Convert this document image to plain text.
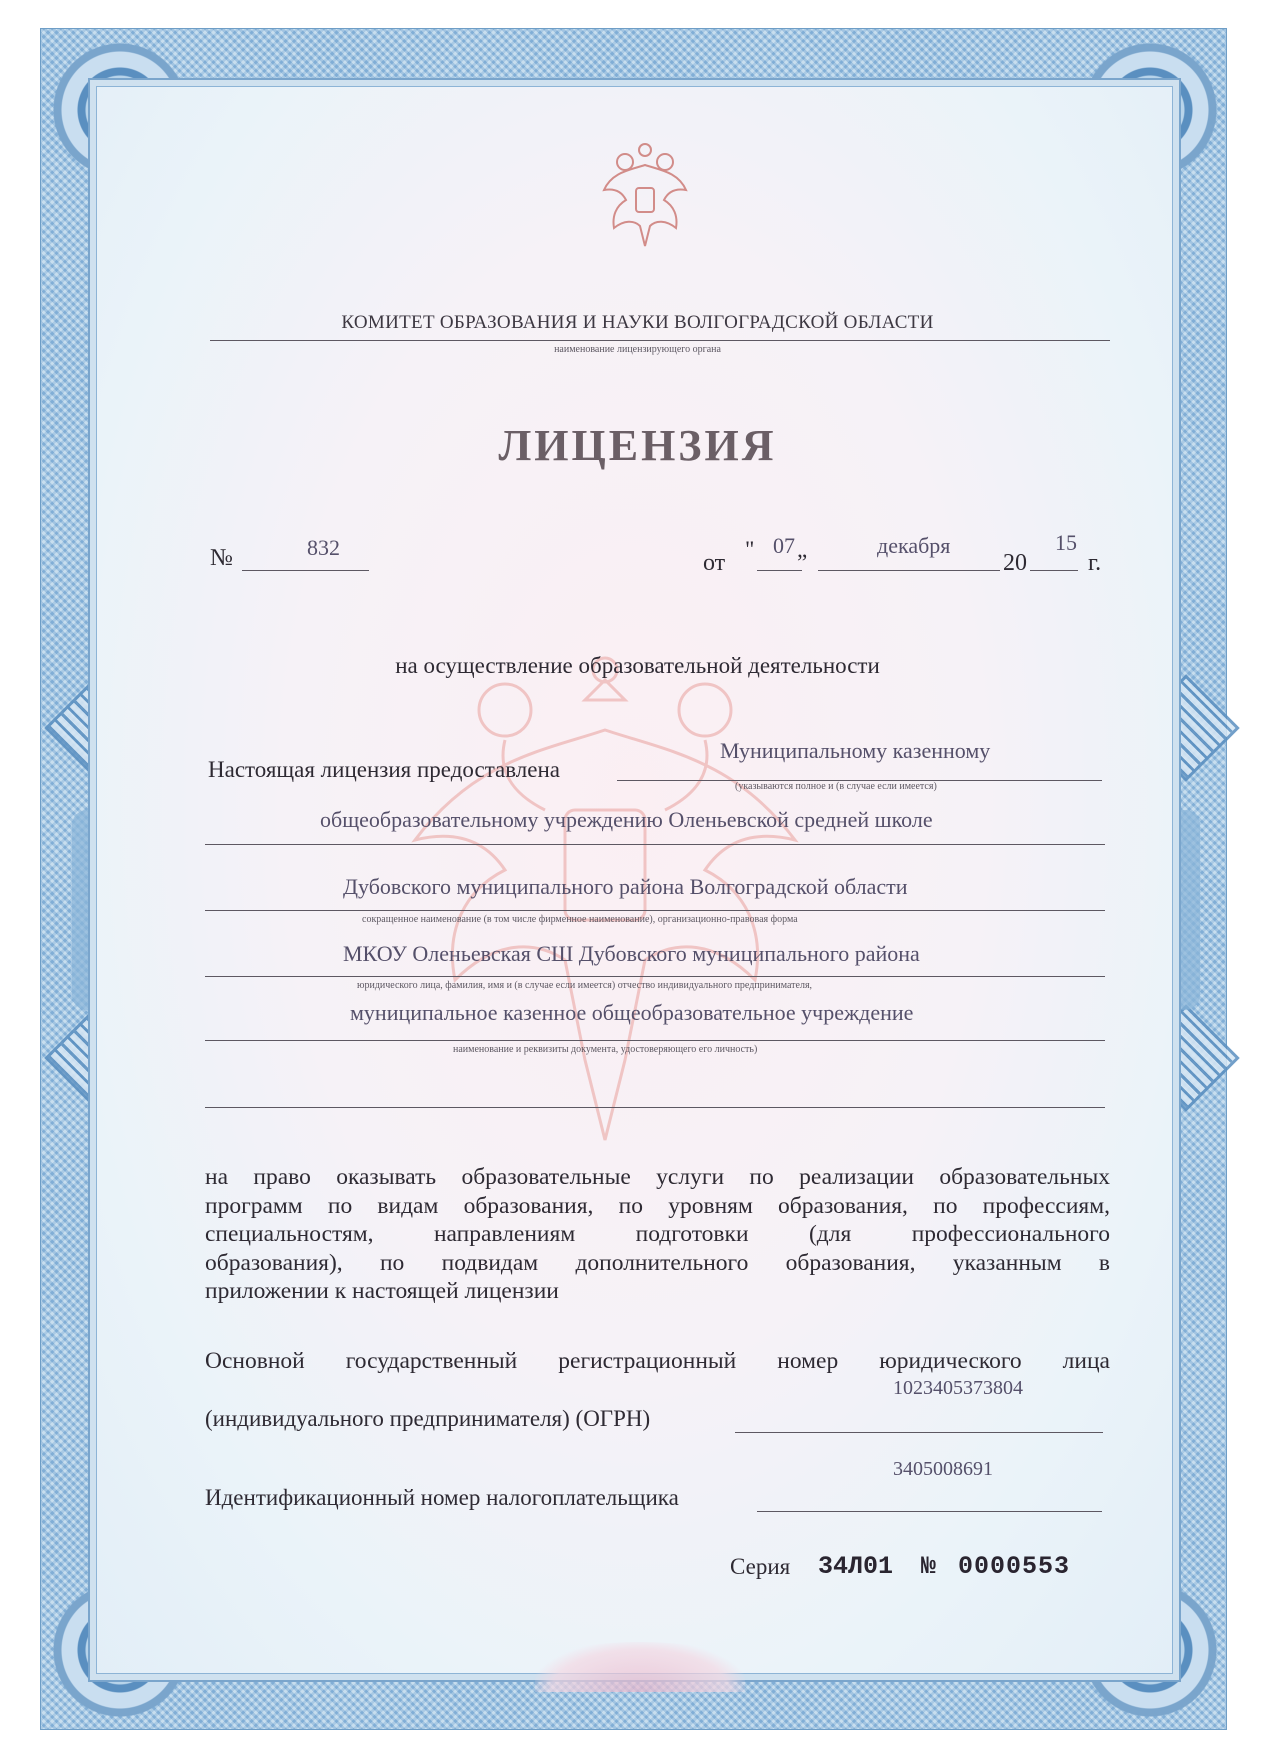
КОМИТЕТ ОБРАЗОВАНИЯ И НАУКИ ВОЛГОГРАДСКОЙ ОБЛАСТИ
наименование лицензирующего органа
ЛИЦЕНЗИЯ
№	832
от
" 07 „	декабря
20
15
г.
на осуществление образовательной деятельности
Муниципальному казенному
Настоящая лицензия предоставлена
(указываются полное и (в случае если имеется)
общеобразовательному учреждению Оленьевской средней школе
Дубовского муниципального района Волгоградской области
сокращенное наименование (в том числе фирменное наименование), организационно-правовая форма
МКОУ Оленьевская СШ Дубовского муниципального района
юридического лица, фамилия, имя и (в случае если имеется) отчество индивидуального предпринимателя,
муниципальное казенное общеобразовательное учреждение
наименование и реквизиты документа, удостоверяющего его личность)
на право оказывать образовательные услуги по реализации образовательных
программ по видам образования, по уровням образования, по профессиям,
специальностям, направлениям подготовки (для профессионального
образования), по подвидам дополнительного образования, указанным в
приложении к настоящей лицензии
Основной государственный регистрационный номер юридического лица
1023405373804
(индивидуального предпринимателя) (ОГРН)
3405008691
Идентификационный номер налогоплательщика
Серия 34Л01 № 0000553
